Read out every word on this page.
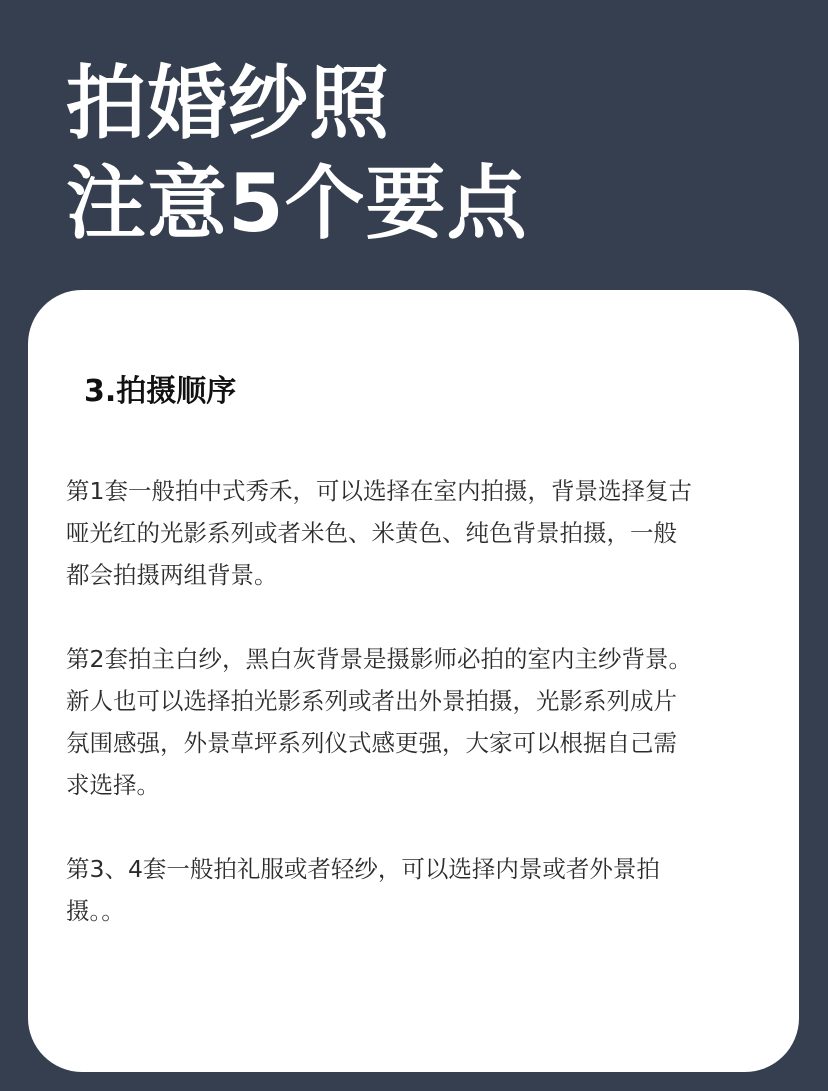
拍婚纱照
注意5个要点
3.拍摄顺序

第1套一般拍中式秀禾，可以选择在室内拍摄，背景选择复古
哑光红的光影系列或者米色、米黄色、纯色背景拍摄，一般
都会拍摄两组背景。

第2套拍主白纱，黑白灰背景是摄影师必拍的室内主纱背景。
新人也可以选择拍光影系列或者出外景拍摄，光影系列成片
氛围感强，外景草坪系列仪式感更强，大家可以根据自己需
求选择。

第3、4套一般拍礼服或者轻纱，可以选择内景或者外景拍
摄。。
